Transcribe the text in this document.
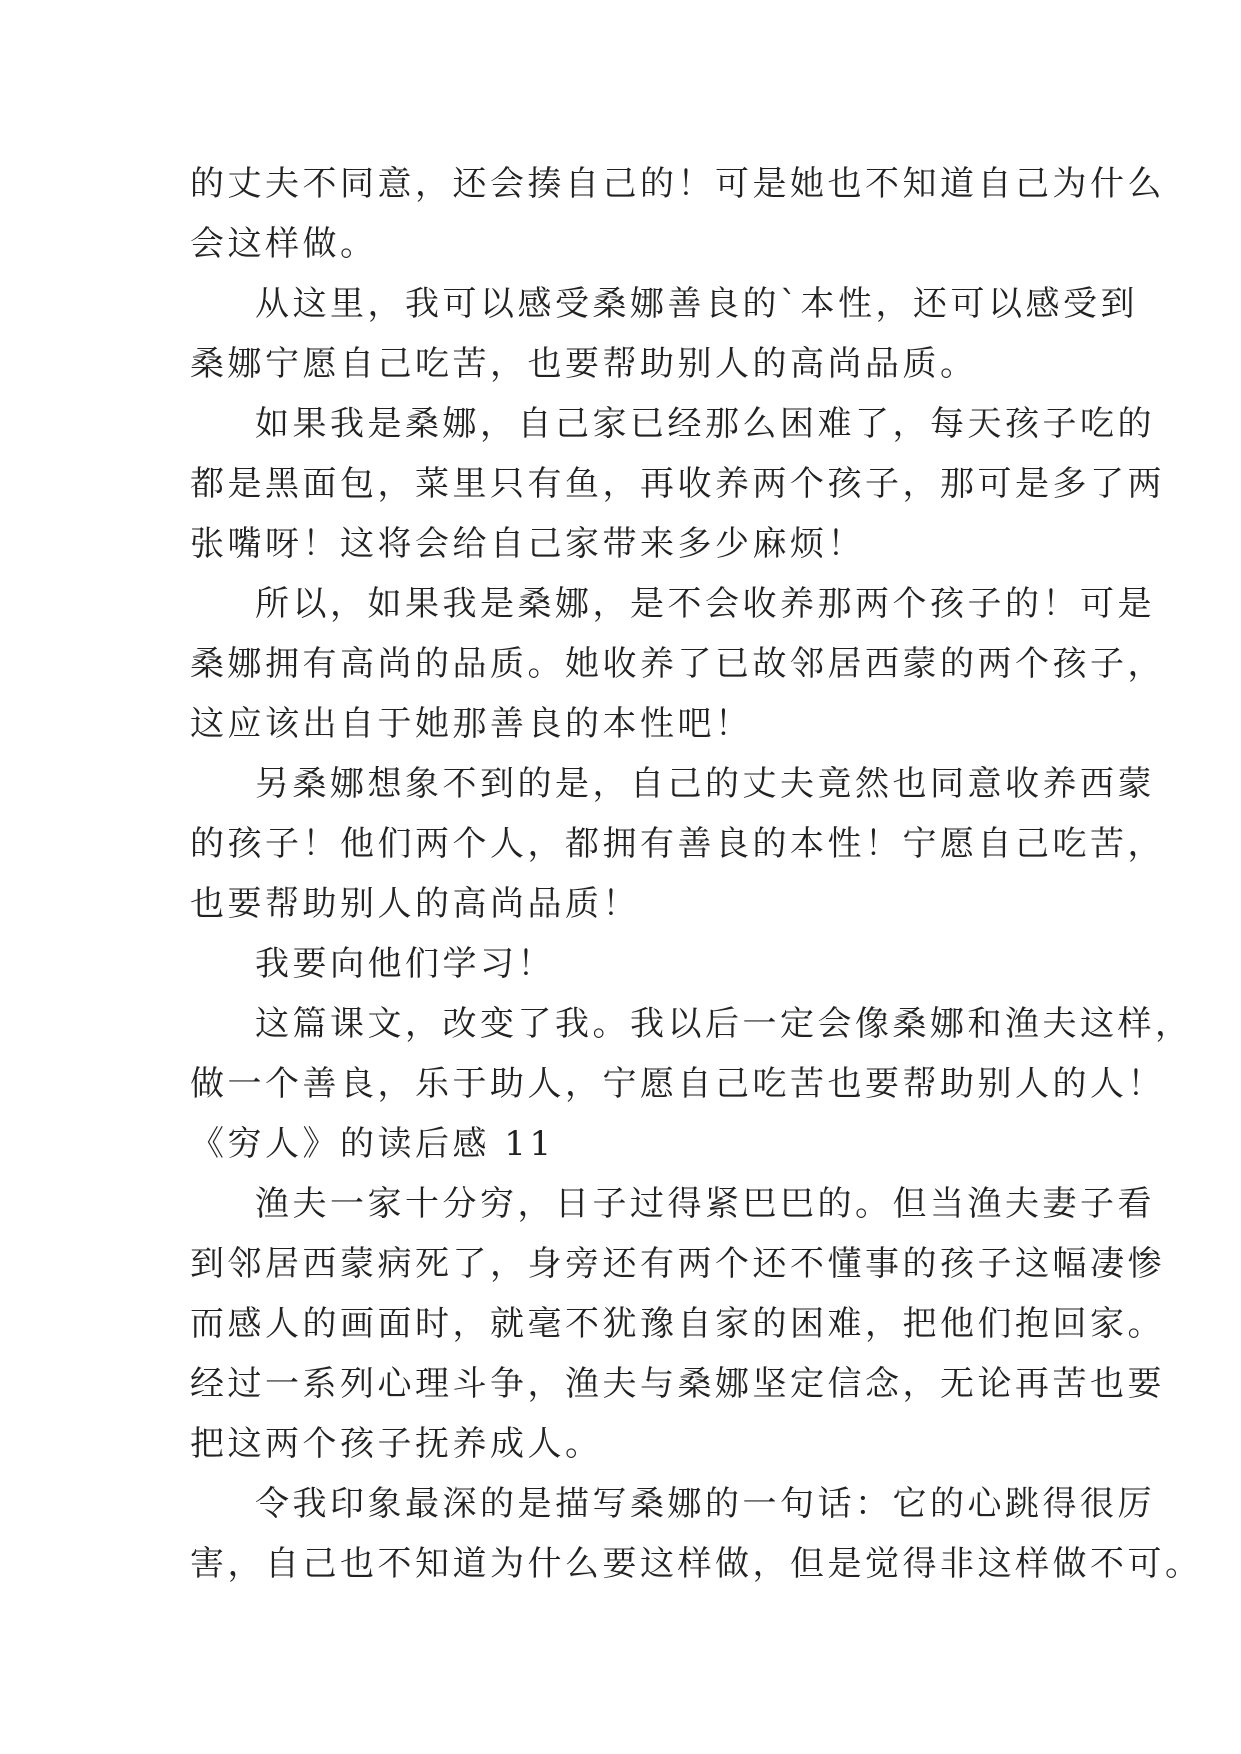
的丈夫不同意，还会揍自己的！可是她也不知道自己为什么
会这样做。
从这里，我可以感受桑娜善良的`本性，还可以感受到
桑娜宁愿自己吃苦，也要帮助别人的高尚品质。
如果我是桑娜，自己家已经那么困难了，每天孩子吃的
都是黑面包，菜里只有鱼，再收养两个孩子，那可是多了两
张嘴呀！这将会给自己家带来多少麻烦！
所以，如果我是桑娜，是不会收养那两个孩子的！可是
桑娜拥有高尚的品质。她收养了已故邻居西蒙的两个孩子，
这应该出自于她那善良的本性吧！
另桑娜想象不到的是，自己的丈夫竟然也同意收养西蒙
的孩子！他们两个人，都拥有善良的本性！宁愿自己吃苦，
也要帮助别人的高尚品质！
我要向他们学习！
这篇课文，改变了我。我以后一定会像桑娜和渔夫这样，
做一个善良，乐于助人，宁愿自己吃苦也要帮助别人的人！
《穷人》的读后感 11
渔夫一家十分穷，日子过得紧巴巴的。但当渔夫妻子看
到邻居西蒙病死了，身旁还有两个还不懂事的孩子这幅凄惨
而感人的画面时，就毫不犹豫自家的困难，把他们抱回家。
经过一系列心理斗争，渔夫与桑娜坚定信念，无论再苦也要
把这两个孩子抚养成人。
令我印象最深的是描写桑娜的一句话：它的心跳得很厉
害，自己也不知道为什么要这样做，但是觉得非这样做不可。
